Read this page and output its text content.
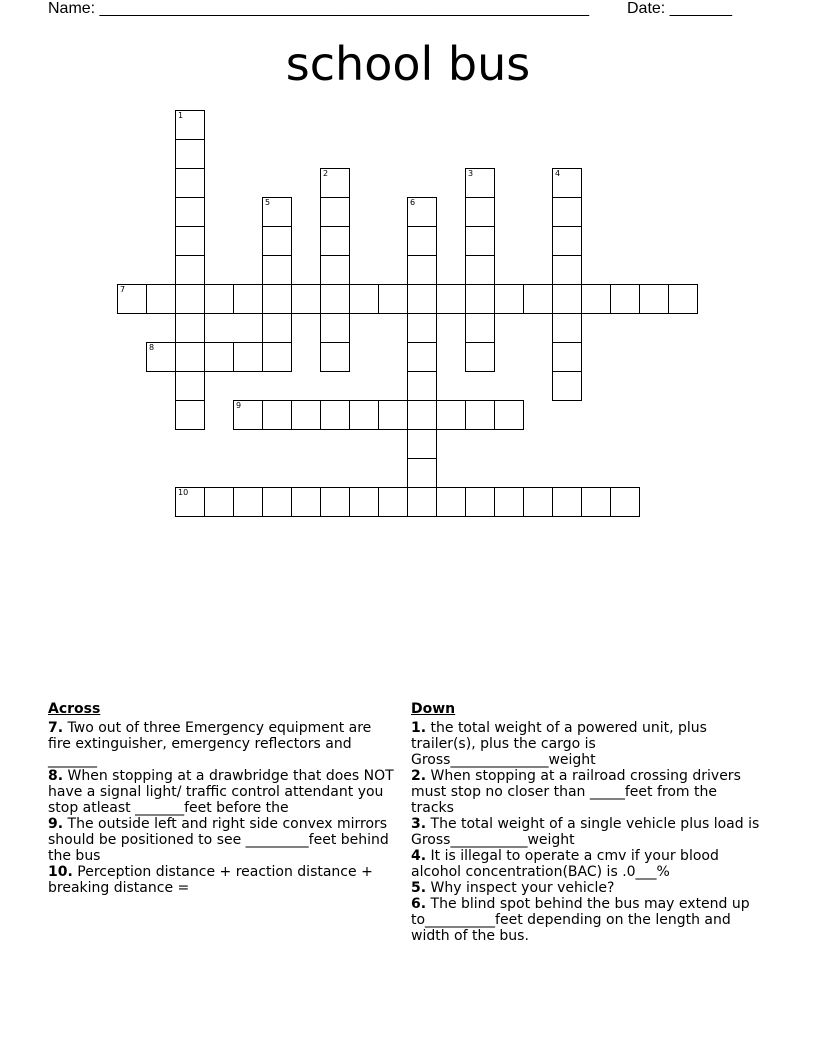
Name: _______________________________________________________ Date: _______
school bus
1
2	3	4
5	6
7
8
9
10
Across

7. Two out of three Emergency equipment are fire extinguisher, emergency reflectors and _______

8. When stopping at a drawbridge that does NOT have a signal light/ traffic control attendant you stop atleast _______feet before the

9. The outside left and right side convex mirrors should be positioned to see _________feet behind the bus

10. Perception distance + reaction distance + breaking distance =

Down

1. the total weight of a powered unit, plus trailer(s), plus the cargo is Gross______________weight

2. When stopping at a railroad crossing drivers must stop no closer than _____feet from the tracks

3. The total weight of a single vehicle plus load is Gross___________weight

4. It is illegal to operate a cmv if your blood alcohol concentration(BAC) is .0___%

5. Why inspect your vehicle?

6. The blind spot behind the bus may extend up to__________feet depending on the length and width of the bus.
